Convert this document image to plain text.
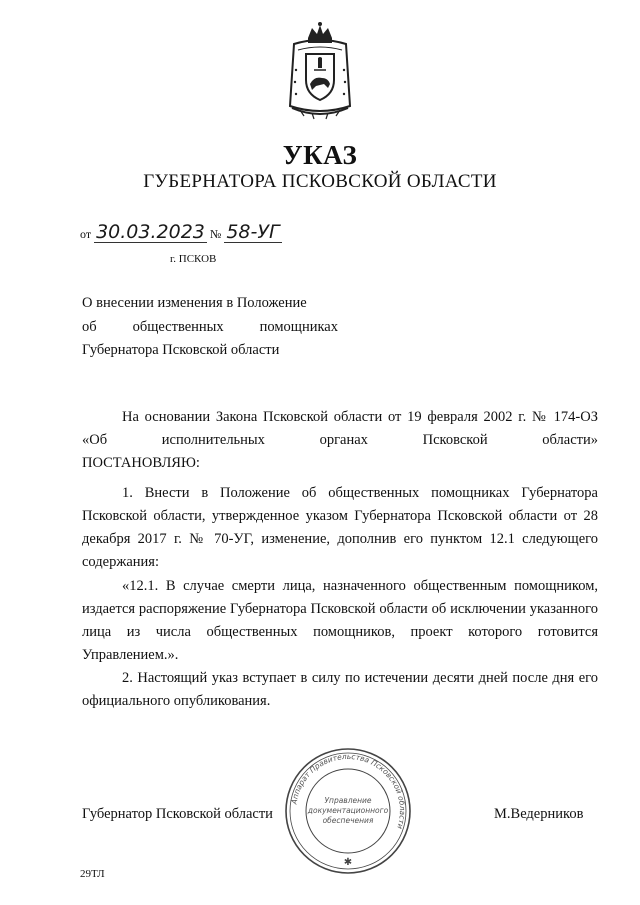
УКАЗ
ГУБЕРНАТОРА ПСКОВСКОЙ ОБЛАСТИ
от 30.03.2023 № 58-УГ
г. ПСКОВ
О внесении изменения в Положение
об общественных помощниках
Губернатора Псковской области

На основании Закона Псковской области от 19 февраля 2002 г. № 174-ОЗ «Об исполнительных органах Псковской области»

ПОСТАНОВЛЯЮ:

1. Внести в Положение об общественных помощниках Губернатора Псковской области, утвержденное указом Губернатора Псковской области от 28 декабря 2017 г. № 70-УГ, изменение, дополнив его пунктом 12.1 следующего содержания:

«12.1. В случае смерти лица, назначенного общественным помощником, издается распоряжение Губернатора Псковской области об исключении указанного лица из числа общественных помощников, проект которого готовится Управлением.».

2. Настоящий указ вступает в силу по истечении десяти дней после дня его официального опубликования.

Аппарат Правительства Псковской области
Управление
документационного
обеспечения
✱
Губернатор Псковской области	М.Ведерников
29ТЛ
